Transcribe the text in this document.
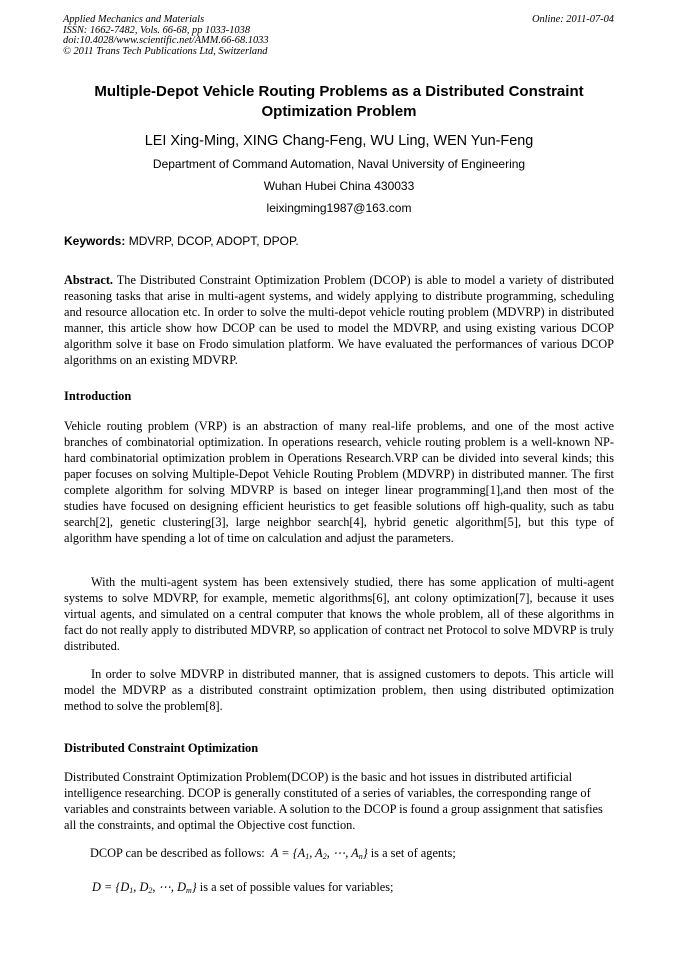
Applied Mechanics and Materials
ISSN: 1662-7482, Vols. 66-68, pp 1033-1038
doi:10.4028/www.scientific.net/AMM.66-68.1033
© 2011 Trans Tech Publications Ltd, Switzerland
Online: 2011-07-04
Multiple-Depot Vehicle Routing Problems as a Distributed Constraint
Optimization Problem
LEI Xing-Ming, XING Chang-Feng, WU Ling, WEN Yun-Feng
Department of Command Automation, Naval University of Engineering
Wuhan Hubei China 430033
leixingming1987@163.com
Keywords: MDVRP, DCOP, ADOPT, DPOP.
Abstract. The Distributed Constraint Optimization Problem (DCOP) is able to model a variety of distributed reasoning tasks that arise in multi-agent systems, and widely applying to distribute programming, scheduling and resource allocation etc. In order to solve the multi-depot vehicle routing problem (MDVRP) in distributed manner, this article show how DCOP can be used to model the MDVRP, and using existing various DCOP algorithm solve it base on Frodo simulation platform. We have evaluated the performances of various DCOP algorithms on an existing MDVRP.
Introduction
Vehicle routing problem (VRP) is an abstraction of many real-life problems, and one of the most active branches of combinatorial optimization. In operations research, vehicle routing problem is a well-known NP-hard combinatorial optimization problem in Operations Research.VRP can be divided into several kinds; this paper focuses on solving Multiple-Depot Vehicle Routing Problem (MDVRP) in distributed manner. The first complete algorithm for solving MDVRP is based on integer linear programming[1],and then most of the studies have focused on designing efficient heuristics to get feasible solutions off high-quality, such as tabu search[2], genetic clustering[3], large neighbor search[4], hybrid genetic algorithm[5], but this type of algorithm have spending a lot of time on calculation and adjust the parameters.
With the multi-agent system has been extensively studied, there has some application of multi-agent systems to solve MDVRP, for example, memetic algorithms[6], ant colony optimization[7], because it uses virtual agents, and simulated on a central computer that knows the whole problem, all of these algorithms in fact do not really apply to distributed MDVRP, so application of contract net Protocol to solve MDVRP is truly distributed.
In order to solve MDVRP in distributed manner, that is assigned customers to depots. This article will model the MDVRP as a distributed constraint optimization problem, then using distributed optimization method to solve the problem[8].
Distributed Constraint Optimization
Distributed Constraint Optimization Problem(DCOP) is the basic and hot issues in distributed artificial intelligence researching. DCOP is generally constituted of a series of variables, the corresponding range of variables and constraints between variable. A solution to the DCOP is found a group assignment that satisfies all the constraints, and optimal the Objective cost function.
DCOP can be described as follows:  $A = \{A_1$, $A_2$, ⋯, $A_n$} is a set of agents;
$D = \{D_1$, $D_2$, ⋯, $D_m$} is a set of possible values for variables;
